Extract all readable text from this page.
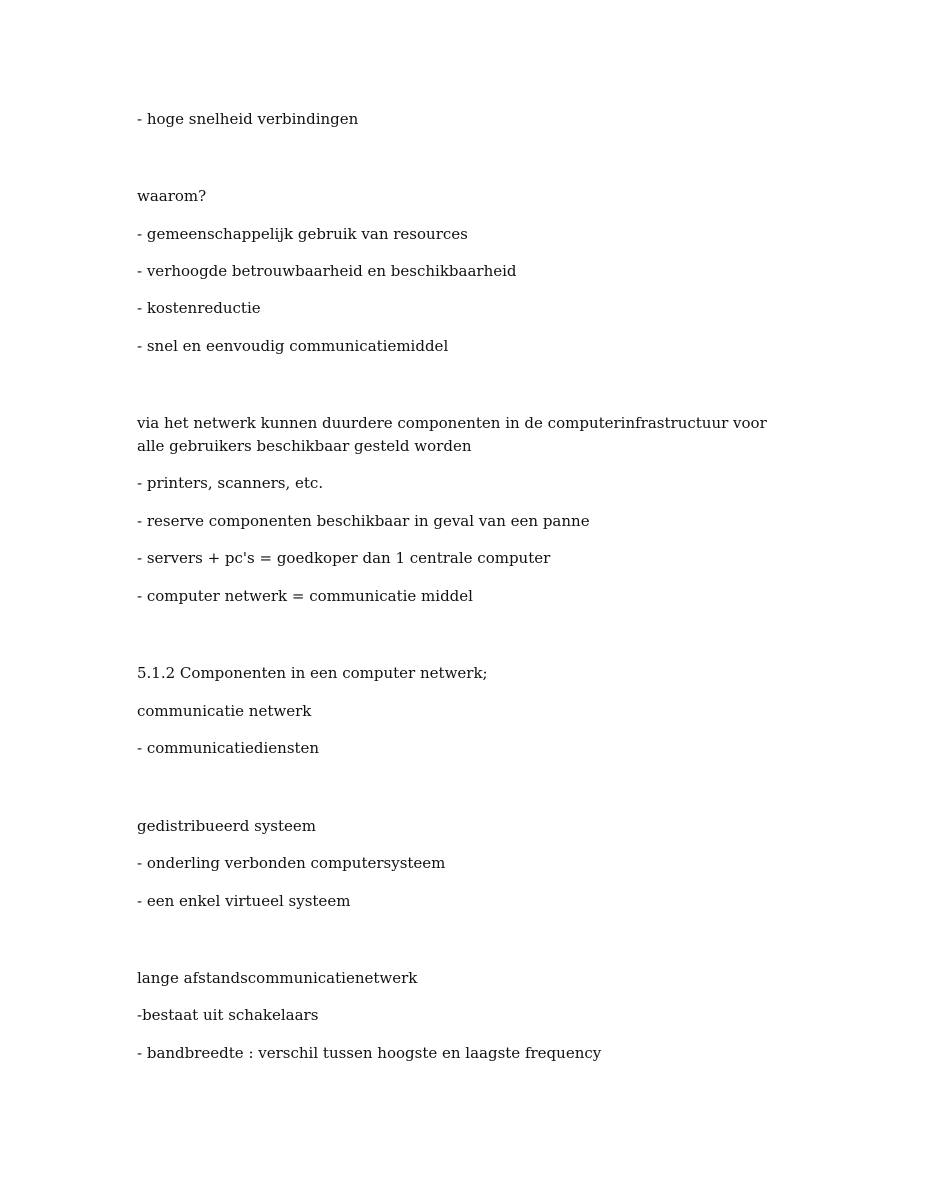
- hoge snelheid verbindingen

waarom?

- gemeenschappelijk gebruik van resources

- verhoogde betrouwbaarheid en beschikbaarheid

- kostenreductie

- snel en eenvoudig communicatiemiddel

via het netwerk kunnen duurdere componenten in de computerinfrastructuur voor alle gebruikers beschikbaar gesteld worden

- printers, scanners, etc.

- reserve componenten beschikbaar in geval van een panne

- servers + pc's = goedkoper dan 1 centrale computer

- computer netwerk = communicatie middel

5.1.2 Componenten in een computer netwerk;

communicatie netwerk

- communicatiediensten

gedistribueerd systeem

- onderling verbonden computersysteem

- een enkel virtueel systeem

lange afstandscommunicatienetwerk

-bestaat uit schakelaars

- bandbreedte : verschil tussen hoogste en laagste frequency
